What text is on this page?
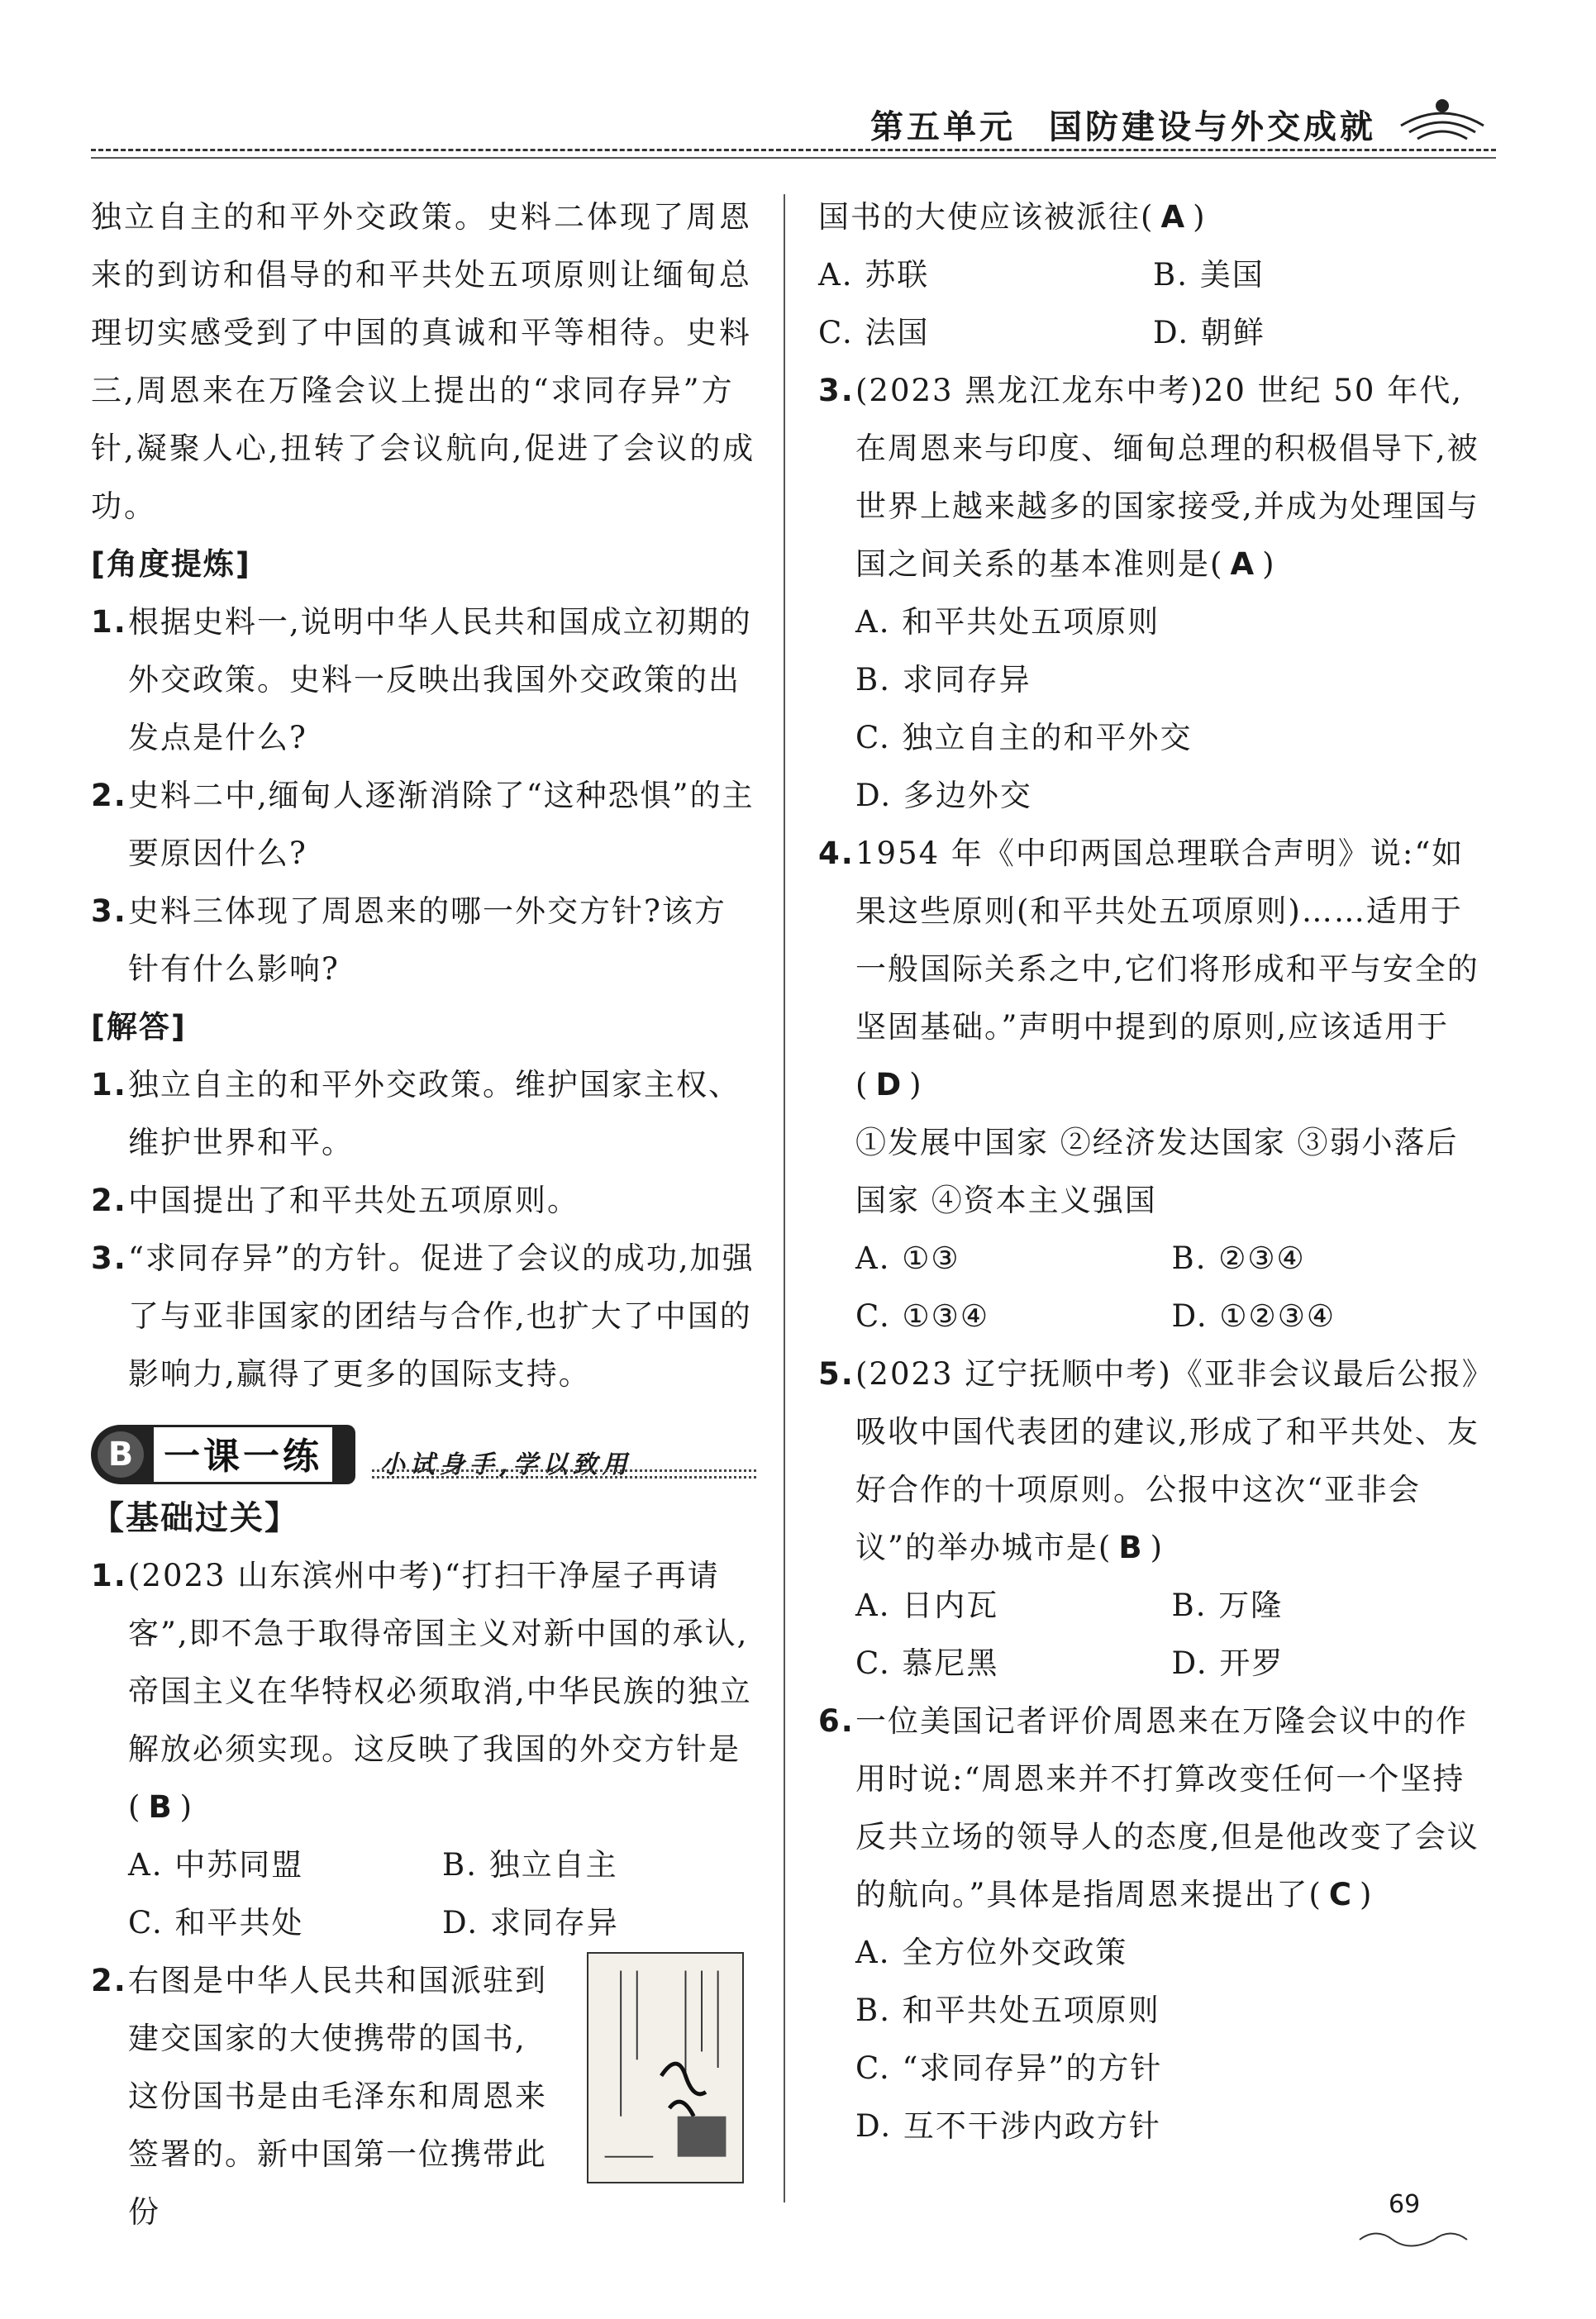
第五单元 国防建设与外交成就
独立自主的和平外交政策。史料二体现了周恩来的到访和倡导的和平共处五项原则让缅甸总理切实感受到了中国的真诚和平等相待。史料三,周恩来在万隆会议上提出的“求同存异”方针,凝聚人心,扭转了会议航向,促进了会议的成功。
[角度提炼]
1. 根据史料一,说明中华人民共和国成立初期的外交政策。史料一反映出我国外交政策的出发点是什么?
2. 史料二中,缅甸人逐渐消除了“这种恐惧”的主要原因什么?
3. 史料三体现了周恩来的哪一外交方针?该方针有什么影响?
[解答]
1. 独立自主的和平外交政策。维护国家主权、维护世界和平。
2. 中国提出了和平共处五项原则。
3. “求同存异”的方针。促进了会议的成功,加强了与亚非国家的团结与合作,也扩大了中国的影响力,赢得了更多的国际支持。
B 一课一练	小试身手,学以致用
【基础过关】
1. (2023 山东滨州中考)“打扫干净屋子再请客”,即不急于取得帝国主义对新中国的承认,帝国主义在华特权必须取消,中华民族的独立解放必须实现。这反映了我国的外交方针是( B )
A. 中苏同盟	B. 独立自主
C. 和平共处	D. 求同存异
2. 右图是中华人民共和国派驻到建交国家的大使携带的国书,这份国书是由毛泽东和周恩来签署的。新中国第一位携带此份
国书的大使应该被派往( A )
A. 苏联	B. 美国
C. 法国	D. 朝鲜
3. (2023 黑龙江龙东中考)20 世纪 50 年代,在周恩来与印度、缅甸总理的积极倡导下,被世界上越来越多的国家接受,并成为处理国与国之间关系的基本准则是( A )
A. 和平共处五项原则
B. 求同存异
C. 独立自主的和平外交
D. 多边外交
4. 1954 年《中印两国总理联合声明》说:“如果这些原则(和平共处五项原则)……适用于一般国际关系之中,它们将形成和平与安全的坚固基础。”声明中提到的原则,应该适用于( D )
①发展中国家 ②经济发达国家 ③弱小落后国家 ④资本主义强国
A. ①③	B. ②③④
C. ①③④	D. ①②③④
5. (2023 辽宁抚顺中考)《亚非会议最后公报》吸收中国代表团的建议,形成了和平共处、友好合作的十项原则。公报中这次“亚非会议”的举办城市是( B )
A. 日内瓦	B. 万隆
C. 慕尼黑	D. 开罗
6. 一位美国记者评价周恩来在万隆会议中的作用时说:“周恩来并不打算改变任何一个坚持反共立场的领导人的态度,但是他改变了会议的航向。”具体是指周恩来提出了( C )
A. 全方位外交政策
B. 和平共处五项原则
C. “求同存异”的方针
D. 互不干涉内政方针
69
